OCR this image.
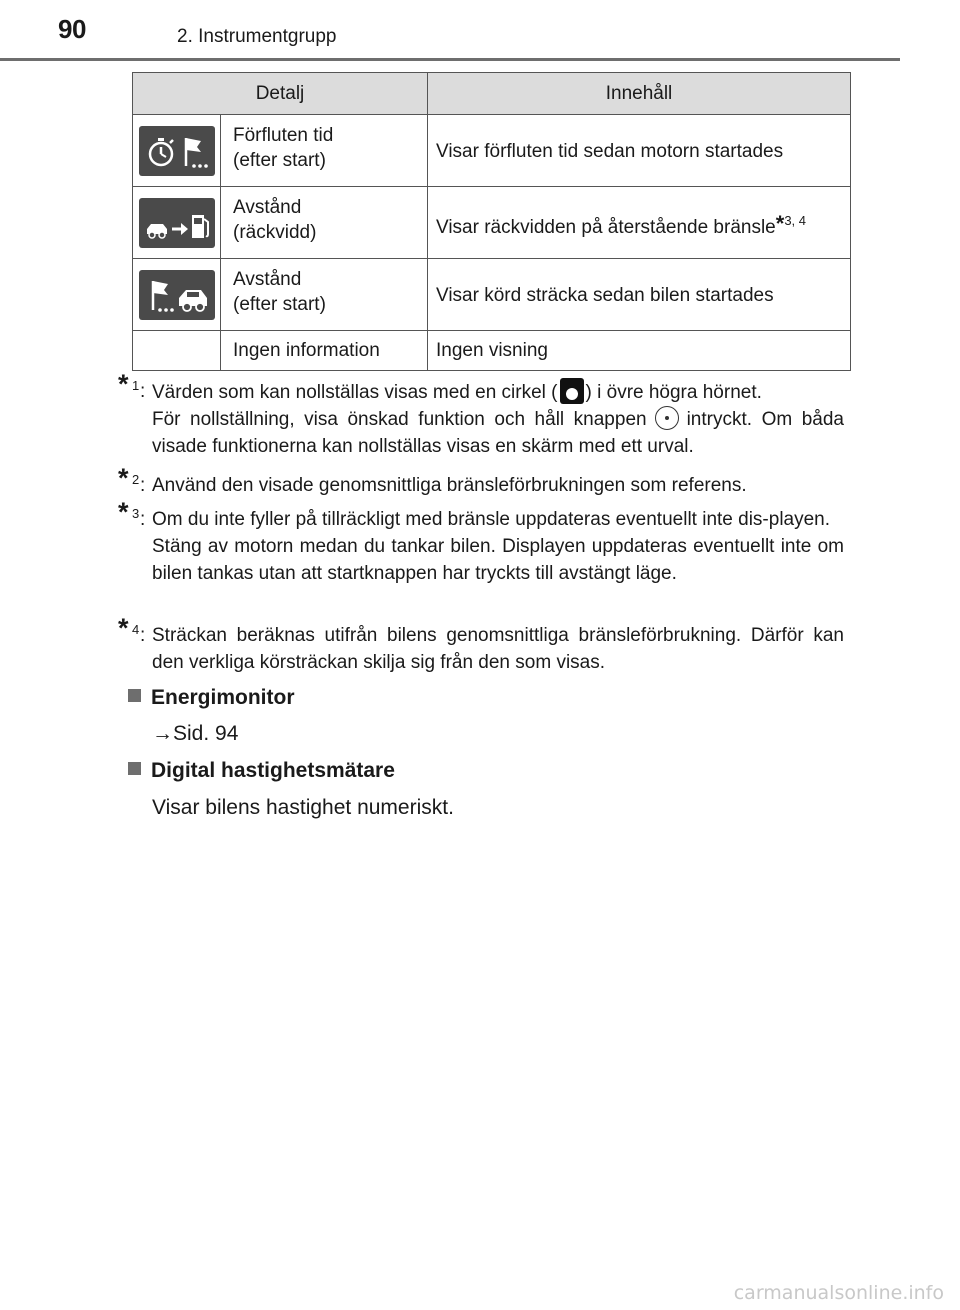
90	2. Instrumentgrupp
Detalj		Innehåll

Förfluten tid
(efter start)	Visar förfluten tid sedan motorn startades

Avstånd
(räckvidd)	Visar räckvidden på återstående bränsle*$^{3, 4}$

Avstånd
(efter start)	Visar körd sträcka sedan bilen startades
	Ingen information	Ingen visning
* 1 : Värden som kan nollställas visas med en cirkel ( ) i övre högra hörnet.
För nollställning, visa önskad funktion och håll knappen intryckt. Om båda visade funktionerna kan nollställas visas en skärm med ett urval.
* 2 : Använd den visade genomsnittliga bränsleförbrukningen som referens.
* 3 : Om du inte fyller på tillräckligt med bränsle uppdateras eventuellt inte dis-playen.
Stäng av motorn medan du tankar bilen. Displayen uppdateras eventuellt inte om bilen tankas utan att startknappen har tryckts till avstängt läge.
* 4 : Sträckan beräknas utifrån bilens genomsnittliga bränsleförbrukning. Därför kan den verkliga körsträckan skilja sig från den som visas.
Energimonitor
→Sid. 94
Digital hastighetsmätare
Visar bilens hastighet numeriskt.
carmanualsonline.info
